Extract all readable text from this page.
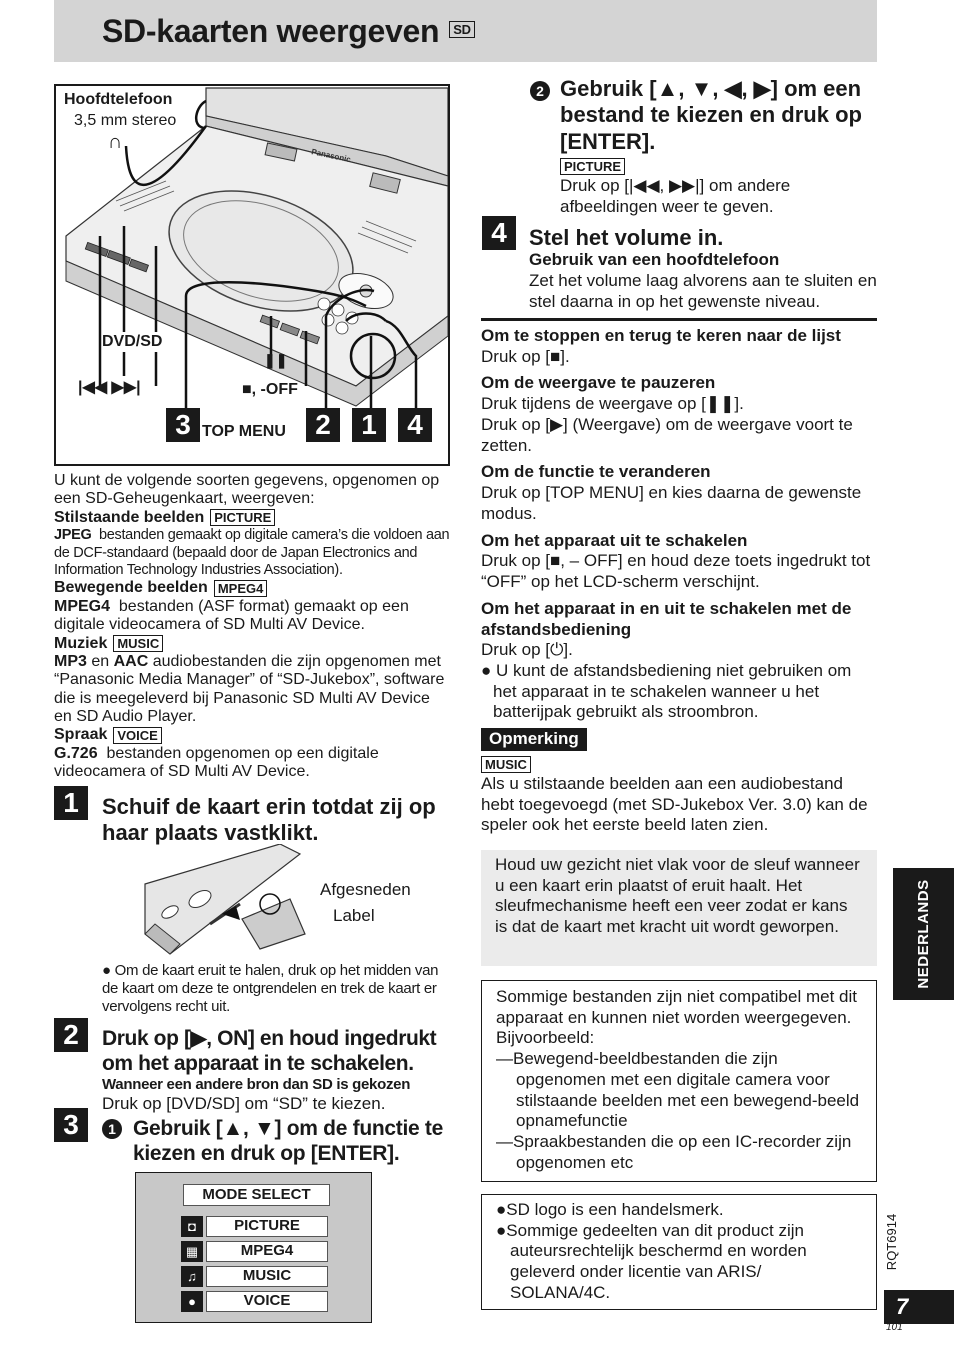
SD-kaarten weergeven SD
Panasonic
Hoofdtelefoon
3,5 mm stereo
∩
DVD/SD
❚❚
|◀◀ ▶▶|	■, -OFF
3 TOP MENU	2	1	4
U kunt de volgende soorten gegevens, opgenomen op een SD-Geheugenkaart, weergeven:
Stilstaande beelden PICTURE
JPEG bestanden gemaakt op digitale camera’s die voldoen aan de DCF-standaard (bepaald door de Japan Electronics and Information Technology Industries Association).
Bewegende beelden MPEG4
MPEG4 bestanden (ASF format) gemaakt op een digitale videocamera of SD Multi AV Device.
Muziek MUSIC
MP3 en AAC audiobestanden die zijn opgenomen met “Panasonic Media Manager” of “SD-Jukebox”, software die is meegeleverd bij Panasonic SD Multi AV Device en SD Audio Player.
Spraak VOICE
G.726 bestanden opgenomen op een digitale videocamera of SD Multi AV Device.
1	Schuif de kaart erin totdat zij op haar plaats vastklikt.
Afgesneden
Label
● Om de kaart eruit te halen, druk op het midden van de kaart om deze te ontgrendelen en trek de kaart er vervolgens recht uit.
2	Druk op [▶, ON] en houd ingedrukt om het apparaat in te schakelen.
Wanneer een andere bron dan SD is gekozen
Druk op [DVD/SD] om “SD” te kiezen.
3	1 Gebruik [▲, ▼] om de functie te kiezen en druk op [ENTER].
MODE SELECT
◘	PICTURE
▦	MPEG4
♫	MUSIC
●	VOICE
2 Gebruik [▲, ▼, ◀, ▶] om een bestand te kiezen en druk op [ENTER].
PICTURE
Druk op [|◀◀, ▶▶|] om andere afbeeldingen weer te geven.
4	Stel het volume in.
Gebruik van een hoofdtelefoon
Zet het volume laag alvorens aan te sluiten en stel daarna in op het gewenste niveau.
Om te stoppen en terug te keren naar de lijst
Druk op [■].
Om de weergave te pauzeren
Druk tijdens de weergave op [❚❚].
Druk op [▶] (Weergave) om de weergave voort te zetten.
Om de functie te veranderen
Druk op [TOP MENU] en kies daarna de gewenste modus.
Om het apparaat uit te schakelen
Druk op [■, – OFF] en houd deze toets ingedrukt tot “OFF” op het LCD-scherm verschijnt.
Om het apparaat in en uit te schakelen met de afstandsbediening
Druk op [⏻].
● U kunt de afstandsbediening niet gebruiken om het apparaat in te schakelen wanneer u het batterijpak gebruikt als stroombron.
Opmerking
MUSIC
Als u stilstaande beelden aan een audiobestand hebt toegevoegd (met SD-Jukebox Ver. 3.0) kan de speler ook het eerste beeld laten zien.
Houd uw gezicht niet vlak voor de sleuf wanneer u een kaart erin plaatst of eruit haalt. Het sleufmechanisme heeft een veer zodat er kans is dat de kaart met kracht uit wordt geworpen.
Sommige bestanden zijn niet compatibel met dit apparaat en kunnen niet worden weergegeven. Bijvoorbeeld:
—Bewegend-beeldbestanden die zijn opgenomen met een digitale camera voor stilstaande beelden met een bewegend-beeld opnamefunctie
—Spraakbestanden die op een IC-recorder zijn opgenomen etc
●SD logo is een handelsmerk.
●Sommige gedeelten van dit product zijn auteursrechtelijk beschermd en worden geleverd onder licentie van ARIS/ SOLANA/4C.
NEDERLANDS
RQT6914
7
101
